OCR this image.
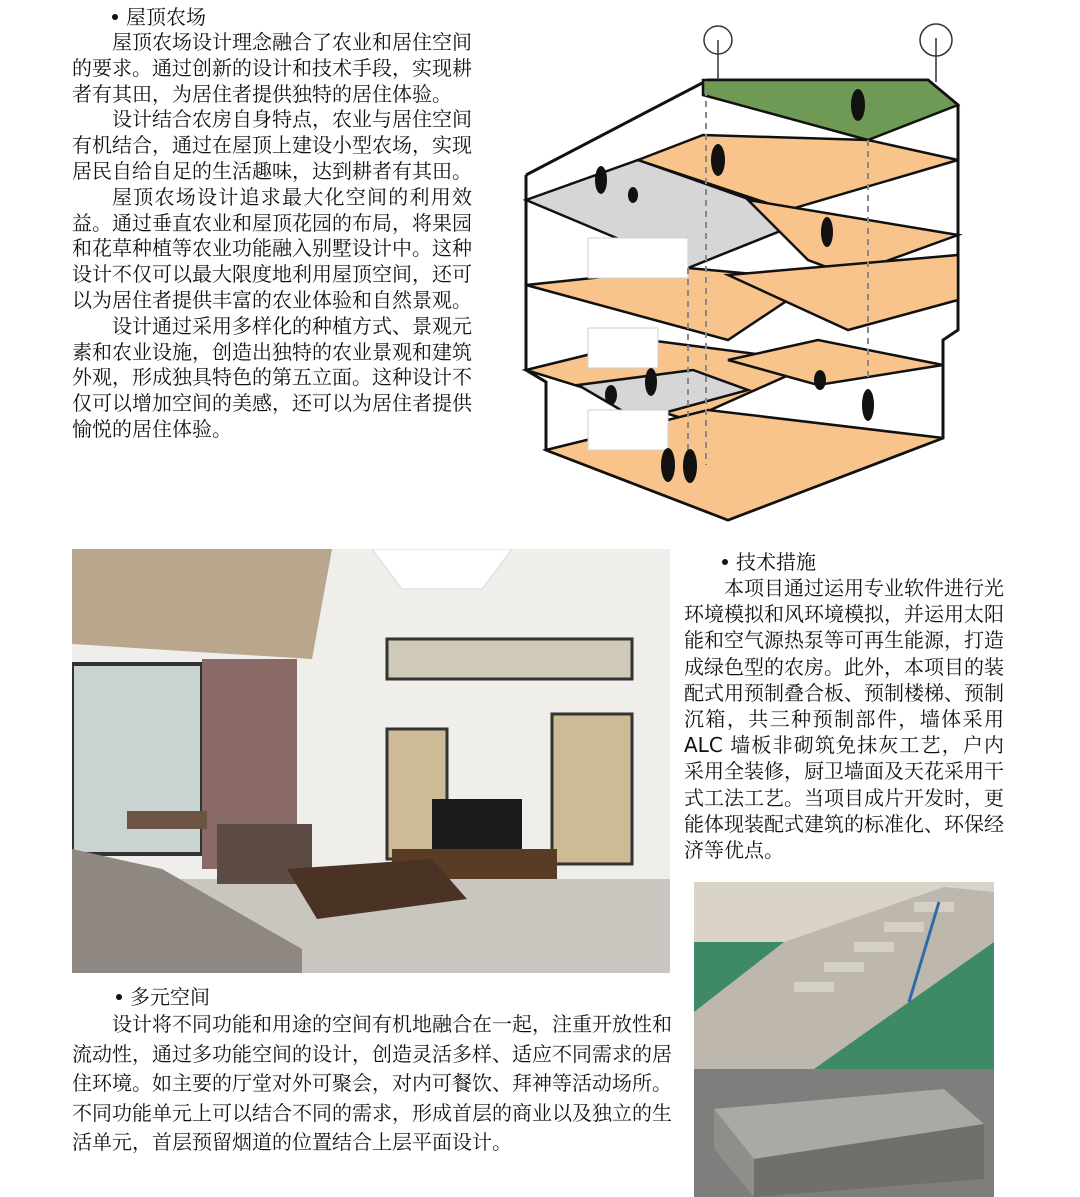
屋顶农场

屋顶农场设计理念融合了农业和居住空间的要求。通过创新的设计和技术手段，实现耕者有其田，为居住者提供独特的居住体验。

设计结合农房自身特点，农业与居住空间有机结合，通过在屋顶上建设小型农场，实现居民自给自足的生活趣味，达到耕者有其田。

屋顶农场设计追求最大化空间的利用效益。通过垂直农业和屋顶花园的布局，将果园和花草种植等农业功能融入别墅设计中。这种设计不仅可以最大限度地利用屋顶空间，还可以为居住者提供丰富的农业体验和自然景观。

设计通过采用多样化的种植方式、景观元素和农业设施，创造出独特的农业景观和建筑外观，形成独具特色的第五立面。这种设计不仅可以增加空间的美感，还可以为居住者提供愉悦的居住体验。

技术措施

本项目通过运用专业软件进行光环境模拟和风环境模拟，并运用太阳能和空气源热泵等可再生能源，打造成绿色型的农房。此外，本项目的装配式用预制叠合板、预制楼梯、预制沉箱，共三种预制部件，墙体采用 ALC 墙板非砌筑免抹灰工艺，户内采用全装修，厨卫墙面及天花采用干式工法工艺。当项目成片开发时，更能体现装配式建筑的标准化、环保经济等优点。

多元空间

设计将不同功能和用途的空间有机地融合在一起，注重开放性和流动性，通过多功能空间的设计，创造灵活多样、适应不同需求的居住环境。如主要的厅堂对外可聚会，对内可餐饮、拜神等活动场所。不同功能单元上可以结合不同的需求，形成首层的商业以及独立的生活单元，首层预留烟道的位置结合上层平面设计。
